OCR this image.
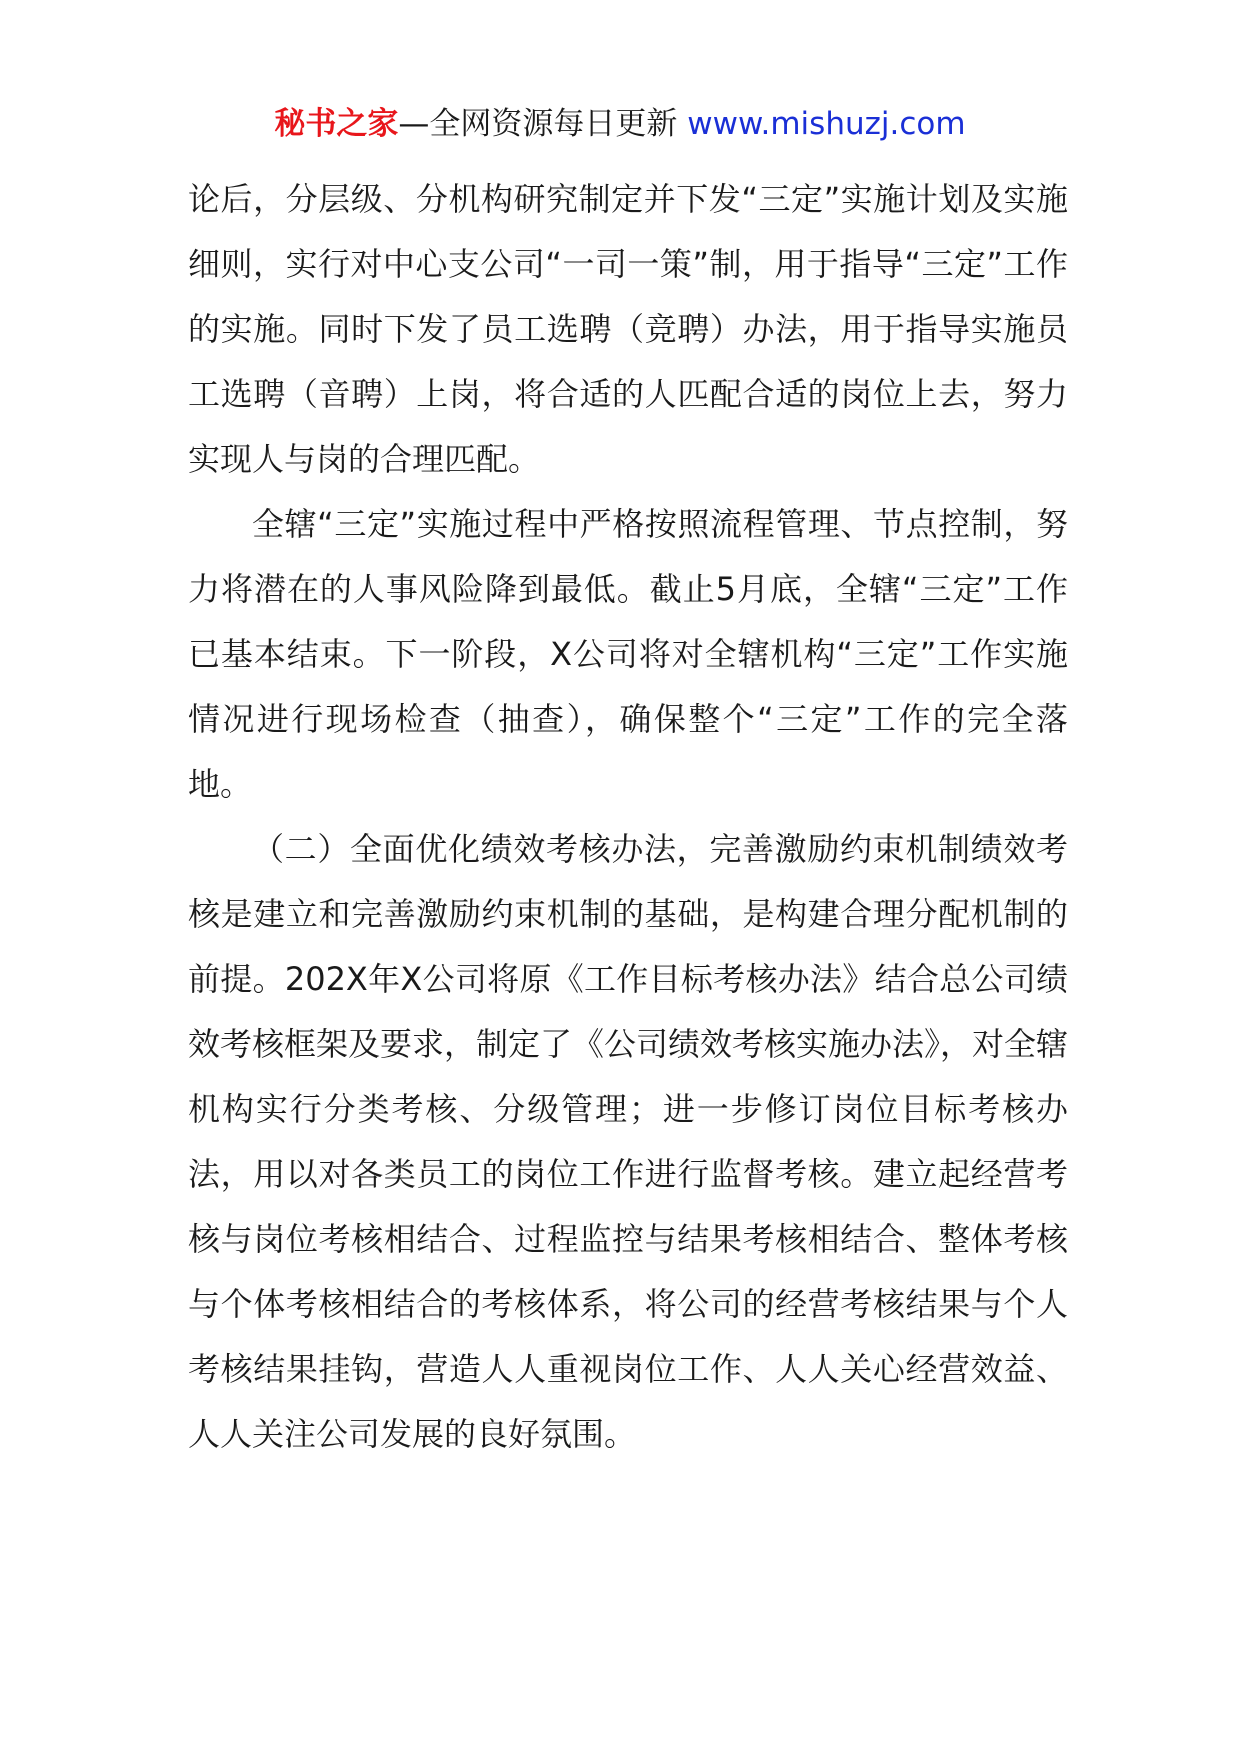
秘书之家—全网资源每日更新 www.mishuzj.com

论后，分层级、分机构研究制定并下发“三定”实施计划及实施细则，实行对中心支公司“一司一策”制，用于指导“三定”工作的实施。同时下发了员工选聘（竞聘）办法，用于指导实施员工选聘（音聘）上岗，将合适的人匹配合适的岗位上去，努力实现人与岗的合理匹配。

全辖“三定”实施过程中严格按照流程管理、节点控制，努力将潜在的人事风险降到最低。截止5月底，全辖“三定”工作已基本结束。下一阶段，X公司将对全辖机构“三定”工作实施情况进行现场检查（抽查），确保整个“三定”工作的完全落地。

（二）全面优化绩效考核办法，完善激励约束机制绩效考核是建立和完善激励约束机制的基础，是构建合理分配机制的前提。202X年X公司将原《工作目标考核办法》结合总公司绩效考核框架及要求，制定了《公司绩效考核实施办法》，对全辖机构实行分类考核、分级管理；进一步修订岗位目标考核办法，用以对各类员工的岗位工作进行监督考核。建立起经营考核与岗位考核相结合、过程监控与结果考核相结合、整体考核与个体考核相结合的考核体系，将公司的经营考核结果与个人考核结果挂钩，营造人人重视岗位工作、人人关心经营效益、人人关注公司发展的良好氛围。
